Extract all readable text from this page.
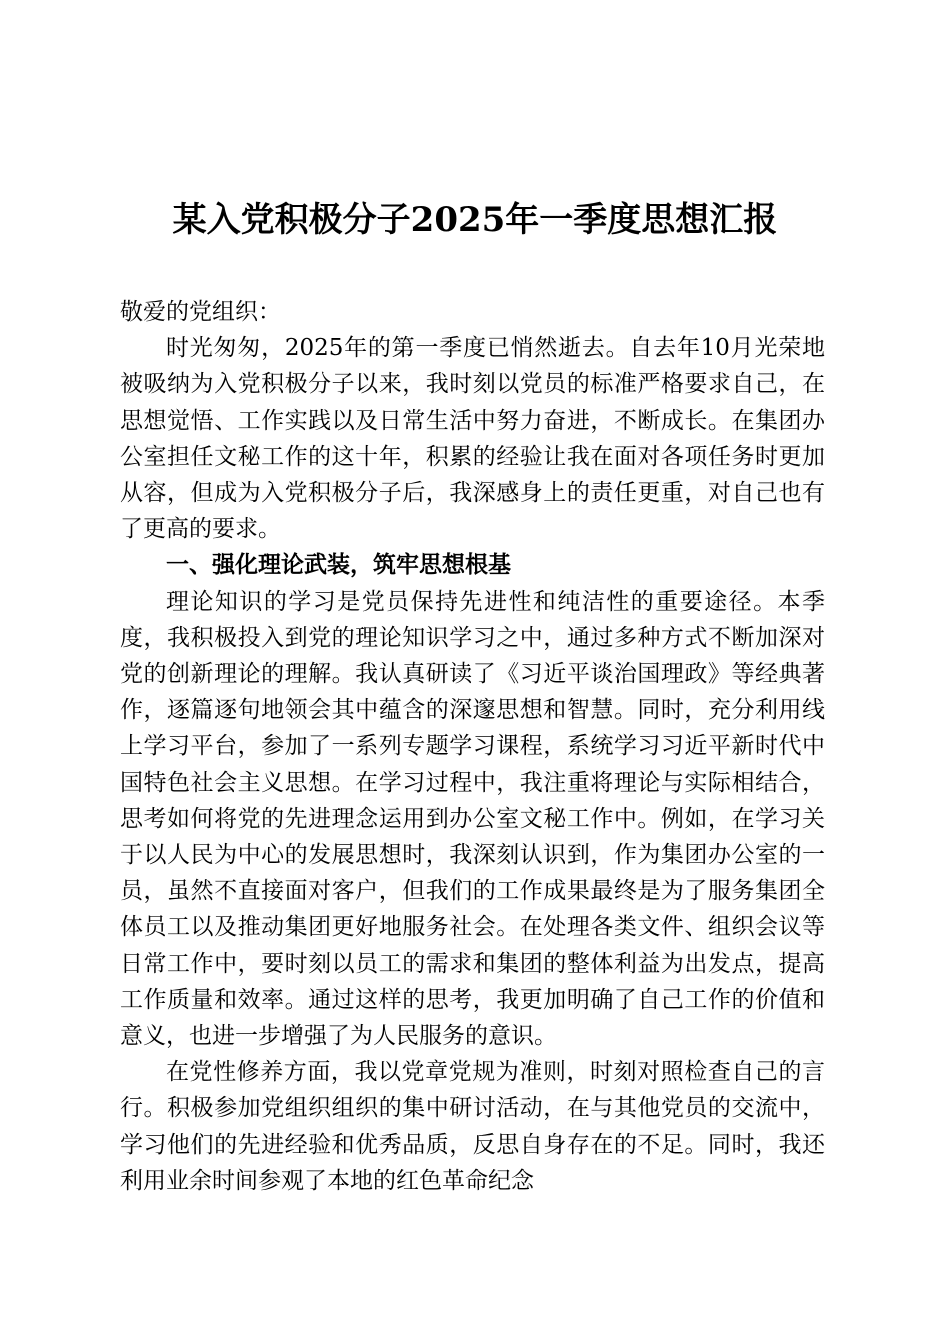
某入党积极分子2025年一季度思想汇报

敬爱的党组织：

时光匆匆，2025年的第一季度已悄然逝去。自去年10月光荣地被吸纳为入党积极分子以来，我时刻以党员的标准严格要求自己，在思想觉悟、工作实践以及日常生活中努力奋进，不断成长。在集团办公室担任文秘工作的这十年，积累的经验让我在面对各项任务时更加从容，但成为入党积极分子后，我深感身上的责任更重，对自己也有了更高的要求。

一、强化理论武装，筑牢思想根基

理论知识的学习是党员保持先进性和纯洁性的重要途径。本季度，我积极投入到党的理论知识学习之中，通过多种方式不断加深对党的创新理论的理解。我认真研读了《习近平谈治国理政》等经典著作，逐篇逐句地领会其中蕴含的深邃思想和智慧。同时，充分利用线上学习平台，参加了一系列专题学习课程，系统学习习近平新时代中国特色社会主义思想。在学习过程中，我注重将理论与实际相结合，思考如何将党的先进理念运用到办公室文秘工作中。例如，在学习关于以人民为中心的发展思想时，我深刻认识到，作为集团办公室的一员，虽然不直接面对客户，但我们的工作成果最终是为了服务集团全体员工以及推动集团更好地服务社会。在处理各类文件、组织会议等日常工作中，要时刻以员工的需求和集团的整体利益为出发点，提高工作质量和效率。通过这样的思考，我更加明确了自己工作的价值和意义，也进一步增强了为人民服务的意识。

在党性修养方面，我以党章党规为准则，时刻对照检查自己的言行。积极参加党组织组织的集中研讨活动，在与其他党员的交流中，学习他们的先进经验和优秀品质，反思自身存在的不足。同时，我还利用业余时间参观了本地的红色革命纪念
